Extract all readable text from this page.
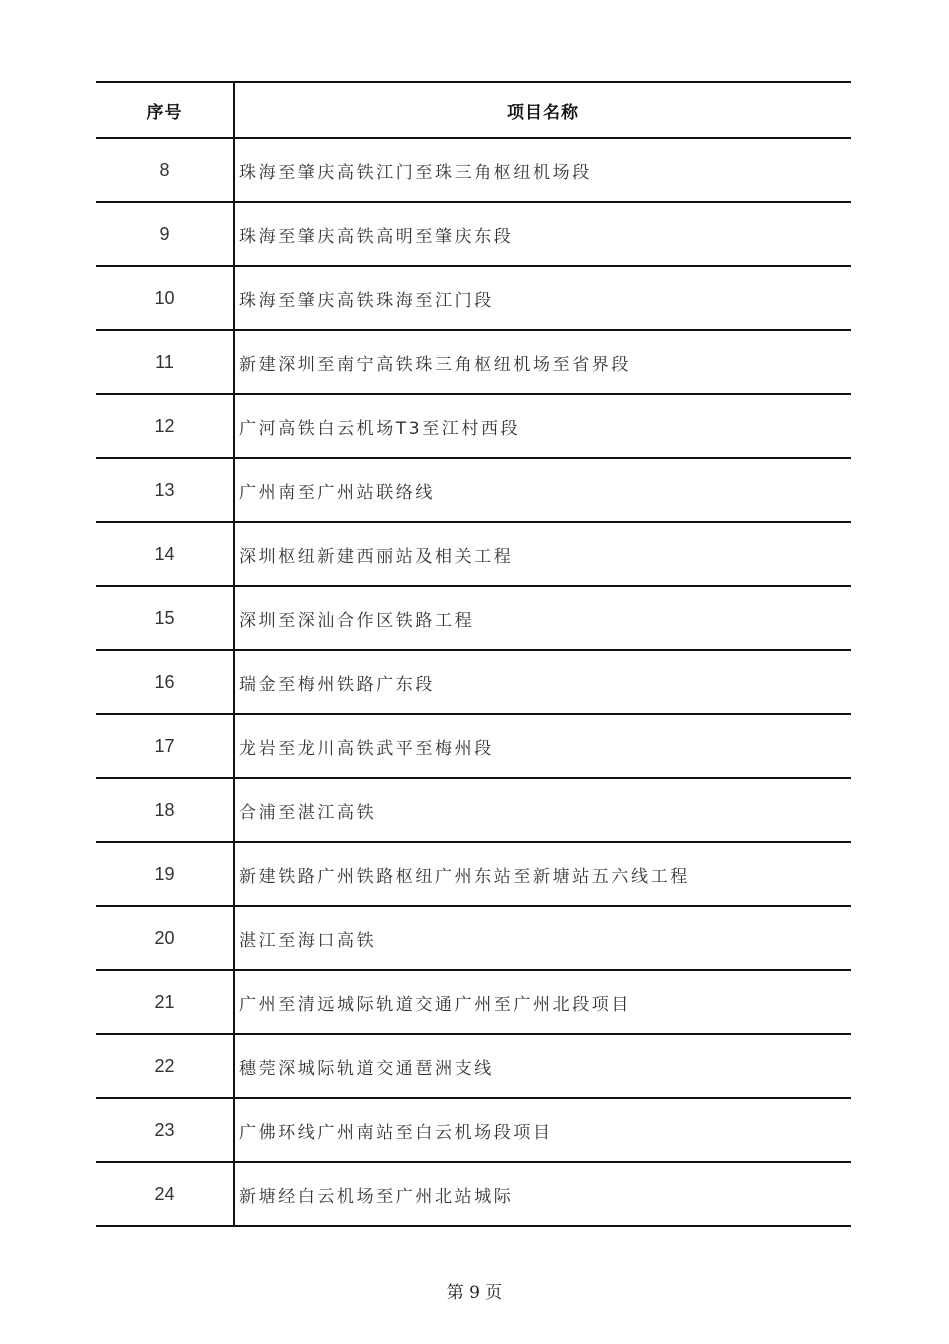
序号	项目名称
8	珠海至肇庆高铁江门至珠三角枢纽机场段
9	珠海至肇庆高铁高明至肇庆东段
10	珠海至肇庆高铁珠海至江门段
11	新建深圳至南宁高铁珠三角枢纽机场至省界段
12	广河高铁白云机场T3至江村西段
13	广州南至广州站联络线
14	深圳枢纽新建西丽站及相关工程
15	深圳至深汕合作区铁路工程
16	瑞金至梅州铁路广东段
17	龙岩至龙川高铁武平至梅州段
18	合浦至湛江高铁
19	新建铁路广州铁路枢纽广州东站至新塘站五六线工程
20	湛江至海口高铁
21	广州至清远城际轨道交通广州至广州北段项目
22	穗莞深城际轨道交通琶洲支线
23	广佛环线广州南站至白云机场段项目
24	新塘经白云机场至广州北站城际
第 9 页
